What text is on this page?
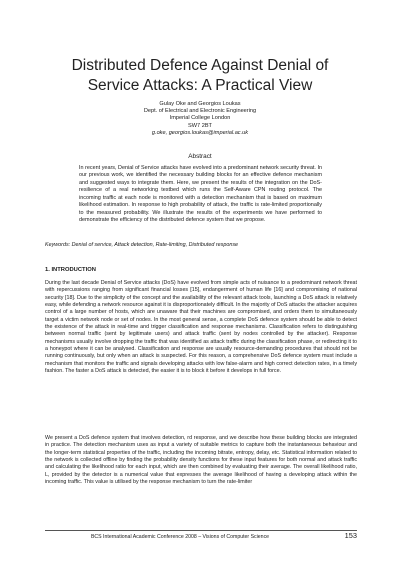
Distributed Defence Against Denial of
Service Attacks: A Practical View
Gulay Oke and Georgios Loukas
Dept. of Electrical and Electronic Engineering
Imperial College London
SW7 2BT
g.oke, georgios.loukas@imperial.ac.uk
Abstract
In recent years, Denial of Service attacks have evolved into a predominant network security threat. In our previous work, we identified the necessary building blocks for an effective defence mechanism and suggested ways to integrate them. Here, we present the results of the integration on the DoS-resilience of a real networking testbed which runs the Self-Aware CPN routing protocol. The incoming traffic at each node is monitored with a detection mechanism that is based on maximum likelihood estimation. In response to high probability of attack, the traffic is rate-limited proportionally to the measured probability. We illustrate the results of the experiments we have performed to demonstrate the efficiency of the distributed defence system that we propose.
Keywords: Denial of service, Attack detection, Rate-limiting, Distributed response
1. INTRODUCTION

During the last decade Denial of Service attacks (DoS) have evolved from simple acts of nuisance to a predominant network threat with repercussions ranging from significant financial losses [15], endangerment of human life [16] and compromising of national security [18]. Due to the simplicity of the concept and the availability of the relevant attack tools, launching a DoS attack is relatively easy, while defending a network resource against it is disproportionately difficult. In the majority of DoS attacks the attacker acquires control of a large number of hosts, which are unaware that their machines are compromised, and orders them to simultaneously target a victim network node or set of nodes. In the most general sense, a complete DoS defence system should be able to detect the existence of the attack in real-time and trigger classification and response mechanisms. Classification refers to distinguishing between normal traffic (sent by legitimate users) and attack traffic (sent by nodes controlled by the attacker). Response mechanisms usually involve dropping the traffic that was identified as attack traffic during the classification phase, or redirecting it to a honeypot where it can be analysed. Classification and response are usually resource-demanding procedures that should not be running continuously, but only when an attack is suspected. For this reason, a comprehensive DoS defence system must include a mechanism that monitors the traffic and signals developing attacks with low false-alarm and high correct detection rates, in a timely fashion. The faster a DoS attack is detected, the easier it is to block it before it develops in full force.

We present a DoS defence system that involves detection, rd response, and we describe how these building blocks are integrated in practice. The detection mechanism uses as input a variety of suitable metrics to capture both the instantaneous behaviour and the longer-term statistical properties of the traffic, including the incoming bitrate, entropy, delay, etc. Statistical information related to the network is collected offline by finding the probability density functions for these input features for both normal and attack traffic and calculating the likelihood ratio for each input, which are then combined by evaluating their average. The overall likelihood ratio, L, provided by the detector is a numerical value that expresses the average likelihood of having a developing attack within the incoming traffic. This value is utilised by the response mechanism to turn the rate-limiter

BCS International Academic Conference 2008 – Visions of Computer Science	153
